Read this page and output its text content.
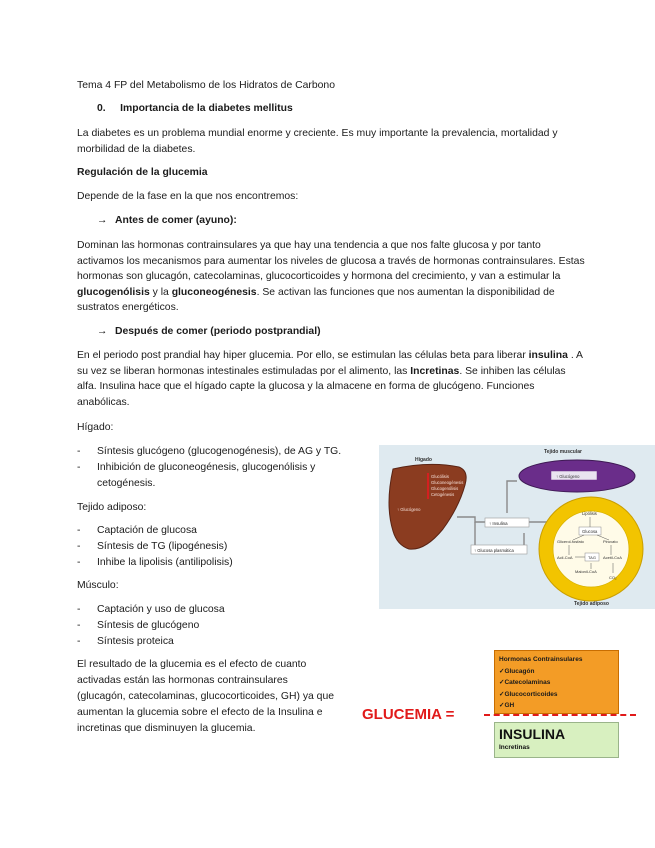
Tema 4 FP del Metabolismo de los Hidratos de Carbono
0.     Importancia de la diabetes mellitus
La diabetes es un problema mundial enorme y creciente. Es muy importante la prevalencia, mortalidad y morbilidad de la diabetes.
Regulación de la glucemia
Depende de la fase en la que nos encontremos:
→ Antes de comer (ayuno):
Dominan las hormonas contrainsulares ya que hay una tendencia a que nos falte glucosa y por tanto activamos los mecanismos para aumentar los niveles de glucosa a través de hormonas contrainsulares. Estas hormonas son glucagón, catecolaminas, glucocorticoides y hormona del crecimiento, y van a estimular la glucogenólisis y la gluconeogénesis. Se activan las funciones que nos aumentan la disponibilidad de sustratos energéticos.
→ Después de comer (periodo postprandial)
En el periodo post prandial hay hiper glucemia. Por ello, se estimulan las células beta para liberar insulina . A su vez se liberan hormonas intestinales estimuladas por el alimento, las Incretinas. Se inhiben las células alfa. Insulina hace que el hígado capte la glucosa y la almacene en forma de glucógeno. Funciones anabólicas.
Hígado:
- Síntesis glucógeno (glucogenogénesis), de AG y TG.
- Inhibición de gluconeogénesis, glucogenólisis y
cetogénesis.
Tejido adiposo:
- Captación de glucosa
- Síntesis de TG (lipogénesis)
- Inhibe la lipolisis (antilipolisis)
Músculo:
- Captación y uso de glucosa
- Síntesis de glucógeno
- Síntesis proteica
El resultado de la glucemia es el efecto de cuanto
activadas están las hormonas contrainsulares
(glucagón, catecolaminas, glucocorticoides, GH) ya que
aumentan la glucemia sobre el efecto de la Insulina e
incretinas que disminuyen la glucemia.
Hígado
Glucólisis
Gluconeogénesis
Glucogenólisis
Cetogénesis
↑ Glucógeno
Tejido muscular
↑ Glucógeno
↑ Insulina
↑ Glucosa plasmática
Lipólisis
Glucosa
Glicerol-fosfato	Piruvato
Acil-CoA	TAG Acetil-CoA
Malonil-CoA
CO₂
Tejido adiposo
Hormonas Contrainsulares
✓Glucagón
✓Catecolaminas
✓Glucocorticoides
✓GH
GLUCEMIA =
INSULINA
Incretinas
